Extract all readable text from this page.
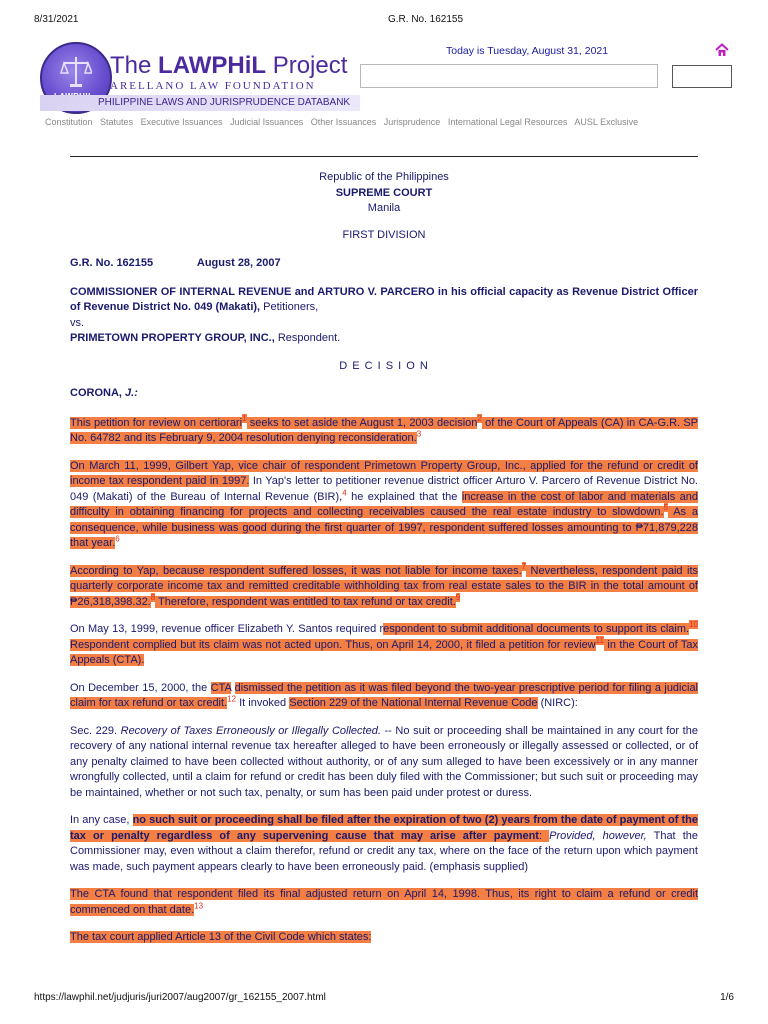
8/31/2021	G.R. No. 162155
The LAWPHiL Project
ARELLANO LAW FOUNDATION
PHILIPPINE LAWS AND JURISPRUDENCE DATABANK
Today is Tuesday, August 31, 2021
Constitution Statutes Executive Issuances Judicial Issuances Other Issuances Jurisprudence International Legal Resources AUSL Exclusive
Republic of the Philippines
SUPREME COURT
Manila
FIRST DIVISION
G.R. No. 162155	August 28, 2007

COMMISSIONER OF INTERNAL REVENUE and ARTURO V. PARCERO in his official capacity as Revenue District Officer of Revenue District No. 049 (Makati), Petitioners,

vs.

PRIMETOWN PROPERTY GROUP, INC., Respondent.

D E C I S I O N
CORONA, J.:

This petition for review on certiorari$^1$ seeks to set aside the August 1, 2003 decision$^2$ of the Court of Appeals (CA) in CA-G.R. SP No. 64782 and its February 9, 2004 resolution denying reconsideration.$^3$

On March 11, 1999, Gilbert Yap, vice chair of respondent Primetown Property Group, Inc., applied for the refund or credit of income tax respondent paid in 1997. In Yap's letter to petitioner revenue district officer Arturo V. Parcero of Revenue District No. 049 (Makati) of the Bureau of Internal Revenue (BIR),$^4$ he explained that the increase in the cost of labor and materials and difficulty in obtaining financing for projects and collecting receivables caused the real estate industry to slowdown.$^5$ As a consequence, while business was good during the first quarter of 1997, respondent suffered losses amounting to ₱71,879,228 that year.$^6$

According to Yap, because respondent suffered losses, it was not liable for income taxes.$^7$ Nevertheless, respondent paid its quarterly corporate income tax and remitted creditable withholding tax from real estate sales to the BIR in the total amount of ₱26,318,398.32.$^8$ Therefore, respondent was entitled to tax refund or tax credit.$^9$

On May 13, 1999, revenue officer Elizabeth Y. Santos required respondent to submit additional documents to support its claim.$^{10}$ Respondent complied but its claim was not acted upon. Thus, on April 14, 2000, it filed a petition for review$^{11}$ in the Court of Tax Appeals (CTA).

On December 15, 2000, the CTA dismissed the petition as it was filed beyond the two-year prescriptive period for filing a judicial claim for tax refund or tax credit.$^{12}$ It invoked Section 229 of the National Internal Revenue Code (NIRC):

Sec. 229. Recovery of Taxes Erroneously or Illegally Collected. -- No suit or proceeding shall be maintained in any court for the recovery of any national internal revenue tax hereafter alleged to have been erroneously or illegally assessed or collected, or of any penalty claimed to have been collected without authority, or of any sum alleged to have been excessively or in any manner wrongfully collected, until a claim for refund or credit has been duly filed with the Commissioner; but such suit or proceeding may be maintained, whether or not such tax, penalty, or sum has been paid under protest or duress.

In any case, no such suit or proceeding shall be filed after the expiration of two (2) years from the date of payment of the tax or penalty regardless of any supervening cause that may arise after payment: Provided, however, That the Commissioner may, even without a claim therefor, refund or credit any tax, where on the face of the return upon which payment was made, such payment appears clearly to have been erroneously paid. (emphasis supplied)

The CTA found that respondent filed its final adjusted return on April 14, 1998. Thus, its right to claim a refund or credit commenced on that date.$^{13}$

The tax court applied Article 13 of the Civil Code which states:

https://lawphil.net/judjuris/juri2007/aug2007/gr_162155_2007.html	1/6
